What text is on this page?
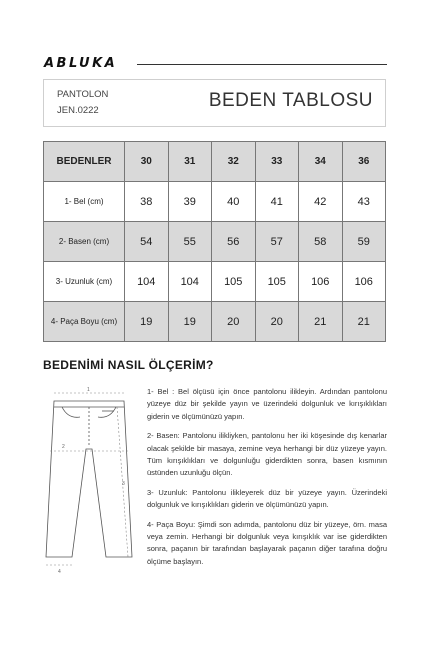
ABLUKA
PANTOLON
JEN.0222	BEDEN TABLOSU
BEDENLER	30	31	32	33	34	36
1- Bel (cm)	38	39	40	41	42	43
2- Basen (cm)	54	55	56	57	58	59
3- Uzunluk (cm)	104	104	105	105	106	106
4- Paça Boyu (cm)	19	19	20	20	21	21
BEDENİMİ NASIL ÖLÇERİM?
1
2
3
4

1- Bel : Bel ölçüsü için önce pantolonu ilikleyin. Ardından pantolonu yüzeye düz bir şekilde yayın ve üzerindeki dolgunluk ve kırışıklıkları giderin ve ölçümünüzü yapın.

2- Basen: Pantolonu ilikliyken, pantolonu her iki köşesinde dış kenarlar olacak şekilde bir masaya, zemine veya herhangi bir düz yüzeye yayın. Tüm kırışıklıkları ve dolgunluğu giderdikten sonra, basen kısmının üstünden uzunluğu ölçün.

3- Uzunluk: Pantolonu ilikleyerek düz bir yüzeye yayın. Üzerindeki dolgunluk ve kırışıklıkları giderin ve ölçümünüzü yapın.

4- Paça Boyu: Şimdi son adımda, pantolonu düz bir yüzeye, örn. masa veya zemin. Herhangi bir dolgunluk veya kırışıklık var ise giderdikten sonra, paçanın bir tarafından başlayarak paçanın diğer tarafına doğru ölçüme başlayın.
